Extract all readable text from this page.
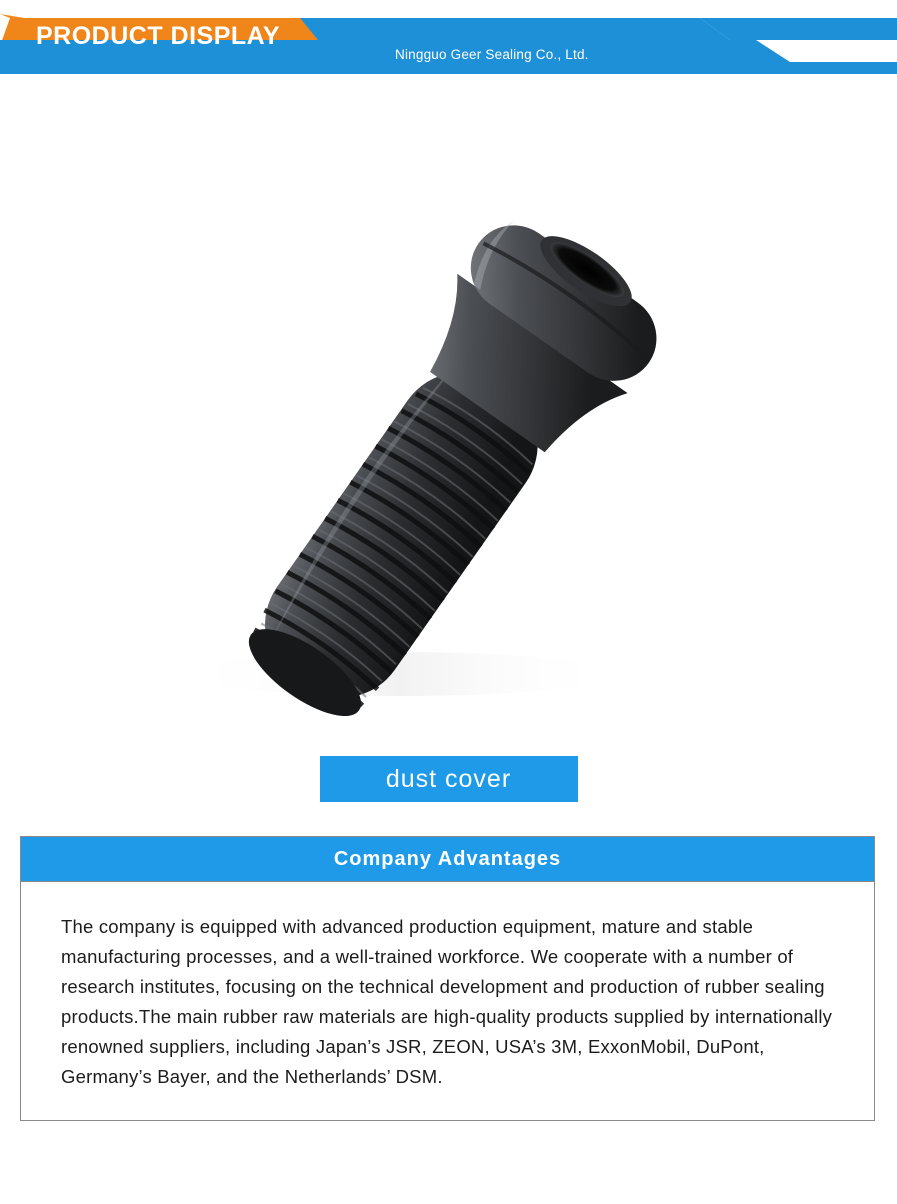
PRODUCT DISPLAY
Ningguo Geer Sealing Co., Ltd.
dust cover
Company Advantages

The company is equipped with advanced production equipment, mature and stable manufacturing processes, and a well-trained workforce. We cooperate with a number of research institutes, focusing on the technical development and production of rubber sealing products.The main rubber raw materials are high-quality products supplied by internationally renowned suppliers, including Japan’s JSR, ZEON, USA’s 3M, ExxonMobil, DuPont, Germany’s Bayer, and the Netherlands’ DSM.
